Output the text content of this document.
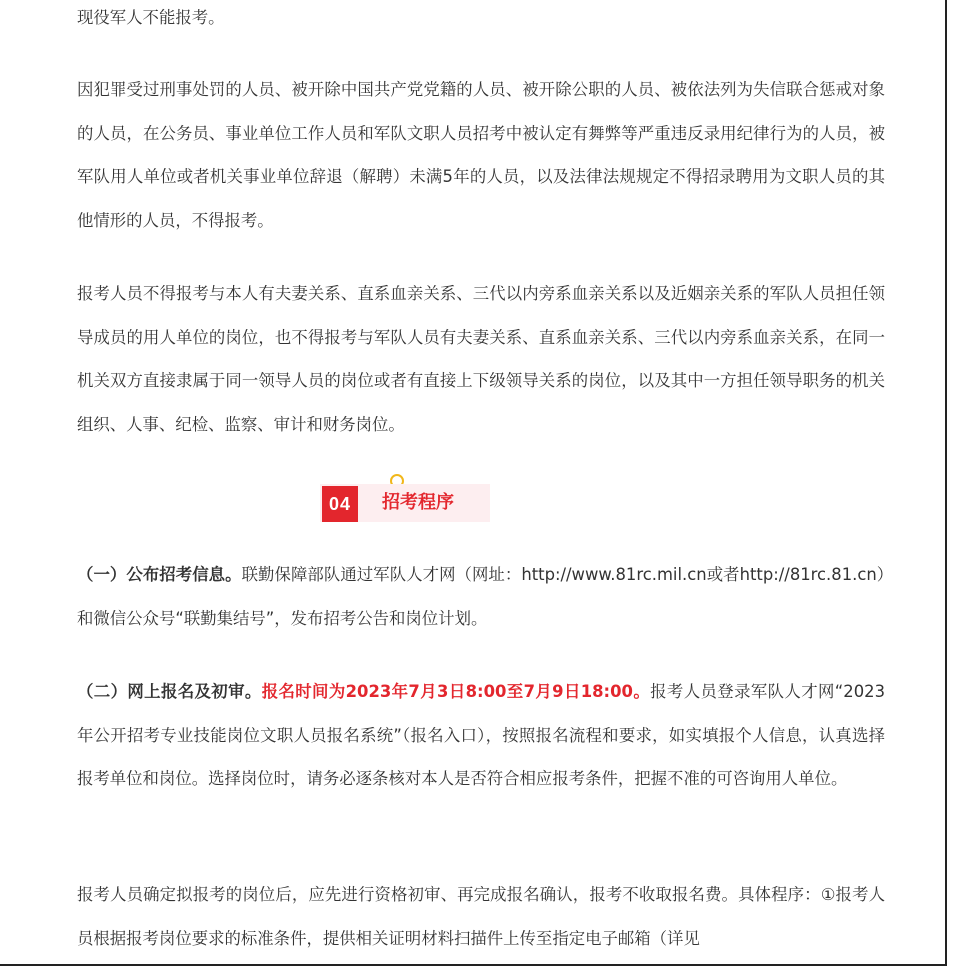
现役军人不能报考。

因犯罪受过刑事处罚的人员、被开除中国共产党党籍的人员、被开除公职的人员、被依法列为失信联合惩戒对象的人员，在公务员、事业单位工作人员和军队文职人员招考中被认定有舞弊等严重违反录用纪律行为的人员，被军队用人单位或者机关事业单位辞退（解聘）未满5年的人员，以及法律法规规定不得招录聘用为文职人员的其他情形的人员，不得报考。

报考人员不得报考与本人有夫妻关系、直系血亲关系、三代以内旁系血亲关系以及近姻亲关系的军队人员担任领导成员的用人单位的岗位，也不得报考与军队人员有夫妻关系、直系血亲关系、三代以内旁系血亲关系，在同一机关双方直接隶属于同一领导人员的岗位或者有直接上下级领导关系的岗位，以及其中一方担任领导职务的机关组织、人事、纪检、监察、审计和财务岗位。

（一）公布招考信息。联勤保障部队通过军队人才网（网址：http://www.81rc.mil.cn或者http://81rc.81.cn）和微信公众号“联勤集结号”，发布招考公告和岗位计划。

（二）网上报名及初审。报名时间为2023年7月3日8:00至7月9日18:00。报考人员登录军队人才网“2023年公开招考专业技能岗位文职人员报名系统”（报名入口），按照报名流程和要求，如实填报个人信息，认真选择报考单位和岗位。选择岗位时，请务必逐条核对本人是否符合相应报考条件，把握不准的可咨询用人单位。

报考人员确定拟报考的岗位后，应先进行资格初审、再完成报名确认，报考不收取报名费。具体程序：①报考人员根据报考岗位要求的标准条件，提供相关证明材料扫描件上传至指定电子邮箱（详见

04	招考程序
